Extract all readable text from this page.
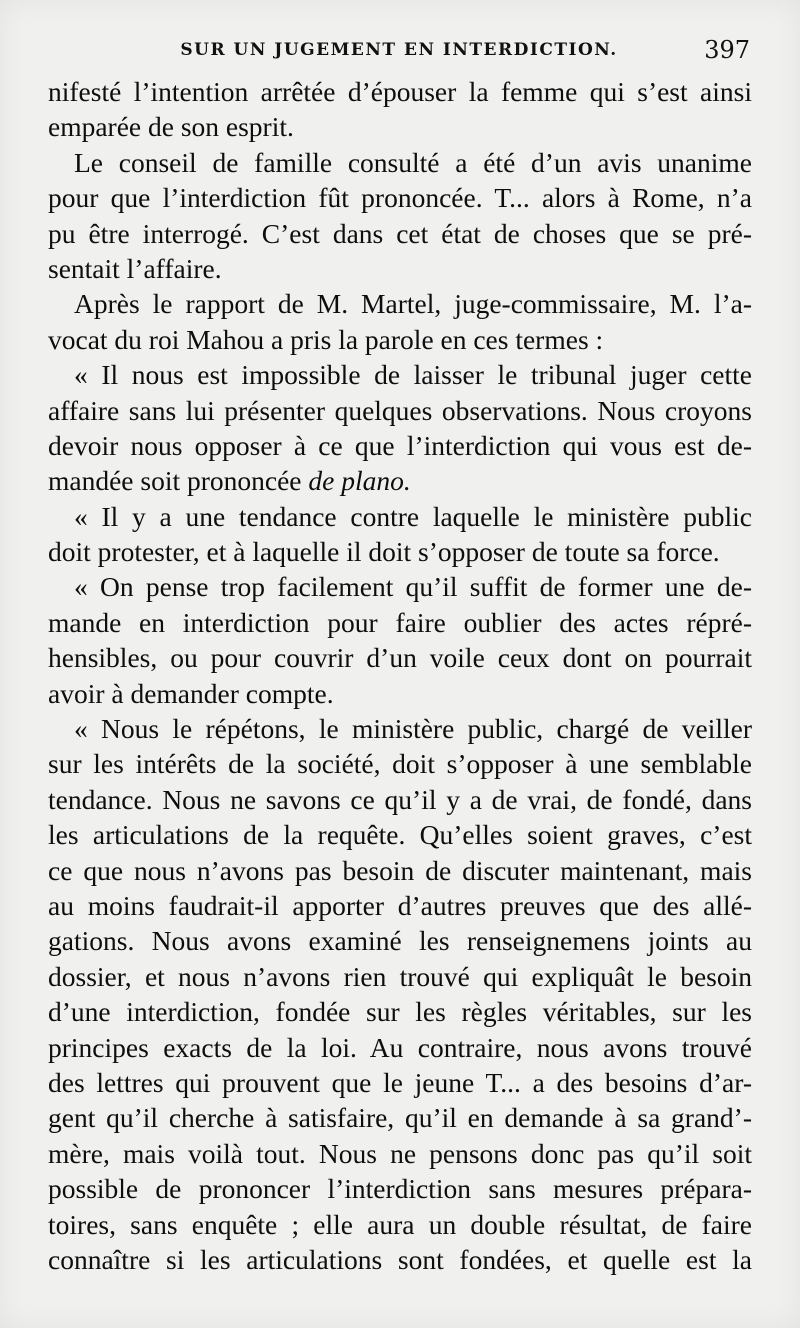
SUR UN JUGEMENT EN INTERDICTION.	397
nifesté l’intention arrêtée d’épouser la femme qui s’est ainsi
emparée de son esprit.
Le conseil de famille consulté a été d’un avis unanime
pour que l’interdiction fût prononcée. T... alors à Rome, n’a
pu être interrogé. C’est dans cet état de choses que se pré-
sentait l’affaire.
Après le rapport de M. Martel, juge-commissaire, M. l’a-
vocat du roi Mahou a pris la parole en ces termes :
« Il nous est impossible de laisser le tribunal juger cette
affaire sans lui présenter quelques observations. Nous croyons
devoir nous opposer à ce que l’interdiction qui vous est de-
mandée soit prononcée de plano.
« Il y a une tendance contre laquelle le ministère public
doit protester, et à laquelle il doit s’opposer de toute sa force.
« On pense trop facilement qu’il suffit de former une de-
mande en interdiction pour faire oublier des actes répré-
hensibles, ou pour couvrir d’un voile ceux dont on pourrait
avoir à demander compte.
« Nous le répétons, le ministère public, chargé de veiller
sur les intérêts de la société, doit s’opposer à une semblable
tendance. Nous ne savons ce qu’il y a de vrai, de fondé, dans
les articulations de la requête. Qu’elles soient graves, c’est
ce que nous n’avons pas besoin de discuter maintenant, mais
au moins faudrait-il apporter d’autres preuves que des allé-
gations. Nous avons examiné les renseignemens joints au
dossier, et nous n’avons rien trouvé qui expliquât le besoin
d’une interdiction, fondée sur les règles véritables, sur les
principes exacts de la loi. Au contraire, nous avons trouvé
des lettres qui prouvent que le jeune T... a des besoins d’ar-
gent qu’il cherche à satisfaire, qu’il en demande à sa grand’-
mère, mais voilà tout. Nous ne pensons donc pas qu’il soit
possible de prononcer l’interdiction sans mesures prépara-
toires, sans enquête ; elle aura un double résultat, de faire
connaître si les articulations sont fondées, et quelle est la
